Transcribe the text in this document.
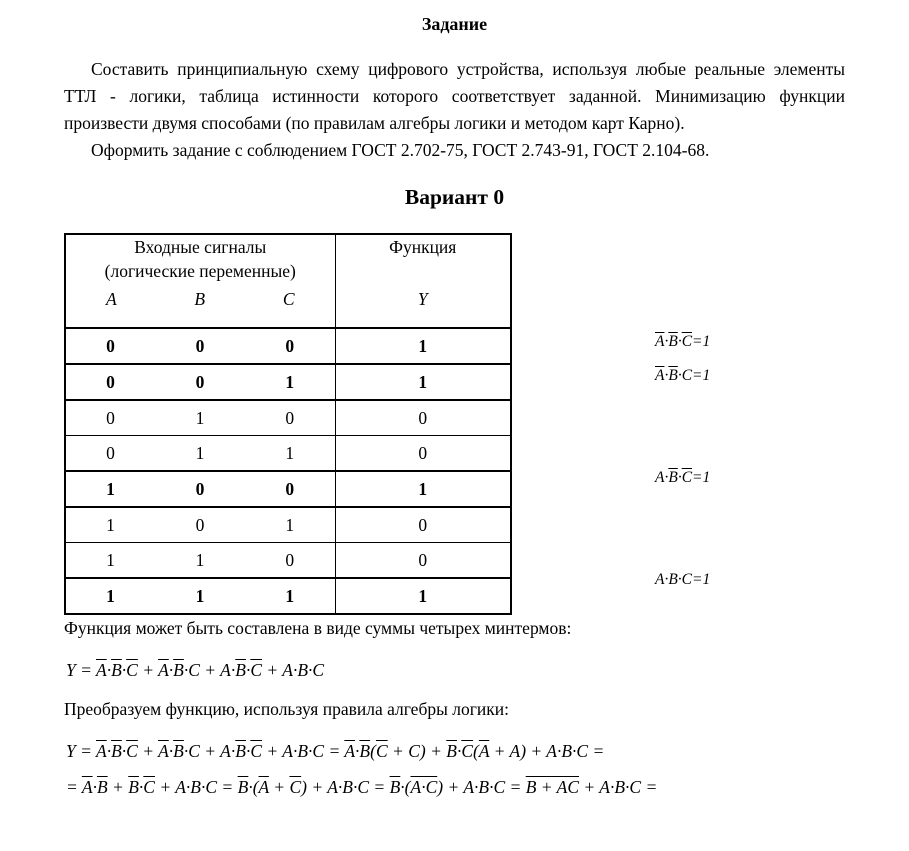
Задание

Составить принципиальную схему цифрового устройства, используя любые реальные элементы ТТЛ - логики, таблица истинности которого соответствует заданной. Минимизацию функции произвести двумя способами (по правилам алгебры логики и методом карт Карно).

Оформить задание с соблюдением ГОСТ 2.702-75, ГОСТ 2.743-91, ГОСТ 2.104-68.

Вариант 0
Входные сигналы
(логические переменные)
A	B	C

Функция
Y

0	0	0	1
0	0	1	1
0	1	0	0
0	1	1	0
1	0	0	1
1	0	1	0
1	1	0	0
1	1	1	1
$\overline{A}\cdot\overline{B}\cdot\overline{C}=1$
$\overline{A}\cdot\overline{B}\cdot C=1$
$A\cdot\overline{B}\cdot\overline{C}=1$
A·B·C=1

Функция может быть составлена в виде суммы четырех минтермов:

$Y = \overline{A}\cdot\overline{B}\cdot\overline{C} + \overline{A}\cdot\overline{B}\cdot C + A\cdot\overline{B}\cdot\overline{C} + A\cdot B\cdot C$

Преобразуем функцию, используя правила алгебры логики:

$Y = \overline{A}\cdot\overline{B}\cdot\overline{C} + \overline{A}\cdot\overline{B}\cdot C + A\cdot\overline{B}\cdot\overline{C} + A\cdot B\cdot C = \overline{A}\cdot\overline{B}(\overline{C} + C) + \overline{B}\cdot\overline{C}(\overline{A} + A) + A\cdot B\cdot C$ =
= $\overline{A}\cdot\overline{B} + \overline{B}\cdot\overline{C} + A\cdot B\cdot C = \overline{B}\cdot(\overline{A} + \overline{C}) + A\cdot B\cdot C = \overline{B}\cdot(A\cdot C) + A\cdot B\cdot C = B$ + AC + A·B·C =
